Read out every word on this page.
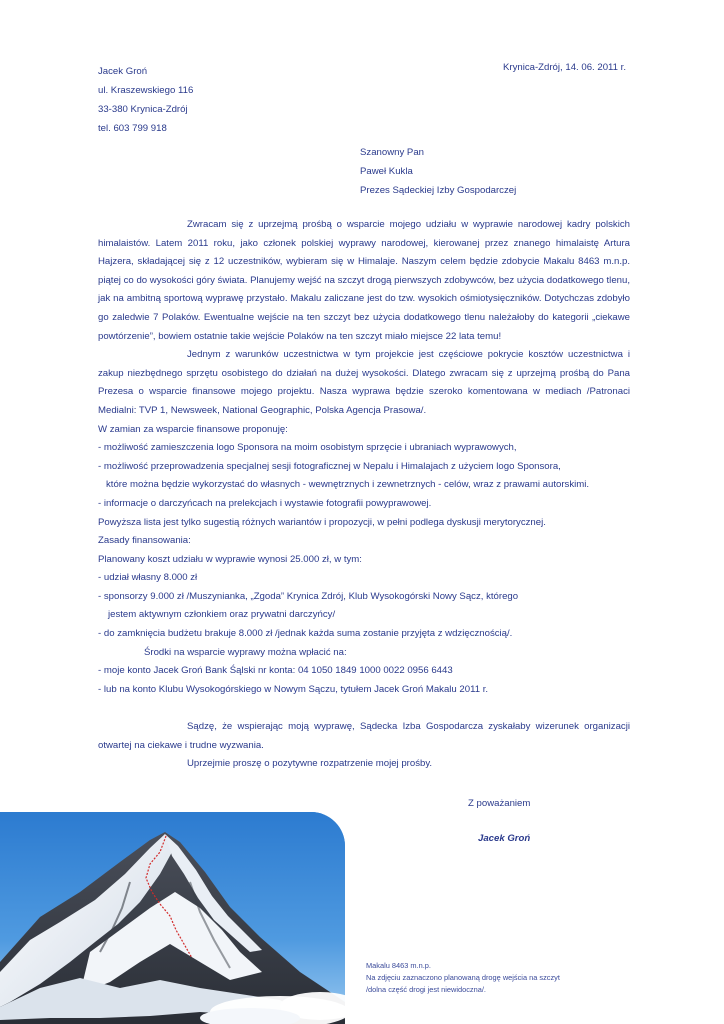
Jacek Groń
ul. Kraszewskiego 116
33-380 Krynica-Zdrój
tel. 603 799 918
Krynica-Zdrój, 14. 06. 2011 r.
Szanowny Pan
Paweł Kukla
Prezes Sądeckiej Izby Gospodarczej

Zwracam się z uprzejmą prośbą o wsparcie mojego udziału w wyprawie narodowej kadry polskich himalaistów. Latem 2011 roku, jako członek polskiej wyprawy narodowej, kierowanej przez znanego himalaistę Artura Hajzera, składającej się z 12 uczestników, wybieram się w Himalaje. Naszym celem będzie zdobycie Makalu 8463 m.n.p. piątej co do wysokości góry świata. Planujemy wejść na szczyt drogą pierwszych zdobywców, bez użycia dodatkowego tlenu, jak na ambitną sportową wyprawę przystało. Makalu zaliczane jest do tzw. wysokich ośmiotysięczników. Dotychczas zdobyło go zaledwie 7 Polaków. Ewentualne wejście na ten szczyt bez użycia dodatkowego tlenu należałoby do kategorii „ciekawe powtórzenie”, bowiem ostatnie takie wejście Polaków na ten szczyt miało miejsce 22 lata temu!

Jednym z warunków uczestnictwa w tym projekcie jest częściowe pokrycie kosztów uczestnictwa i zakup niezbędnego sprzętu osobistego do działań na dużej wysokości. Dlatego zwracam się z uprzejmą prośbą do Pana Prezesa o wsparcie finansowe mojego projektu. Nasza wyprawa będzie szeroko komentowana w mediach /Patronaci Medialni: TVP 1, Newsweek, National Geographic, Polska Agencja Prasowa/.

W zamian za wsparcie finansowe proponuję:
- możliwość zamieszczenia logo Sponsora na moim osobistym sprzęcie i ubraniach wyprawowych,
- możliwość przeprowadzenia specjalnej sesji fotograficznej w Nepalu i Himalajach z użyciem logo Sponsora,
które można będzie wykorzystać do własnych - wewnętrznych i zewnetrznych - celów, wraz z prawami autorskimi.
- informacje o darczyńcach na prelekcjach i wystawie fotografii powyprawowej.
Powyższa lista jest tylko sugestią różnych wariantów i propozycji, w pełni podlega dyskusji merytorycznej.
Zasady finansowania:
Planowany koszt udziału w wyprawie wynosi 25.000 zł, w tym:
- udział własny 8.000 zł
- sponsorzy 9.000 zł /Muszynianka, „Zgoda” Krynica Zdrój, Klub Wysokogórski Nowy Sącz, którego
jestem aktywnym członkiem oraz prywatni darczyńcy/
- do zamknięcia budżetu brakuje 8.000 zł /jednak każda suma zostanie przyjęta z wdzięcznością/.
Środki na wsparcie wyprawy można wpłacić na:
- moje konto Jacek Groń Bank Śąlski nr konta: 04 1050 1849 1000 0022 0956 6443
- lub na konto Klubu Wysokogórskiego w Nowym Sączu, tytułem Jacek Groń Makalu 2011 r.

Sądzę, że wspierając moją wyprawę, Sądecka Izba Gospodarcza zyskałaby wizerunek organizacji otwartej na ciekawe i trudne wyzwania.

Uprzejmie proszę o pozytywne rozpatrzenie mojej prośby.

Z poważaniem
Jacek Groń
Makalu 8463 m.n.p.
Na zdjęciu zaznaczono planowaną drogę wejścia na szczyt
/dolna część drogi jest niewidoczna/.
